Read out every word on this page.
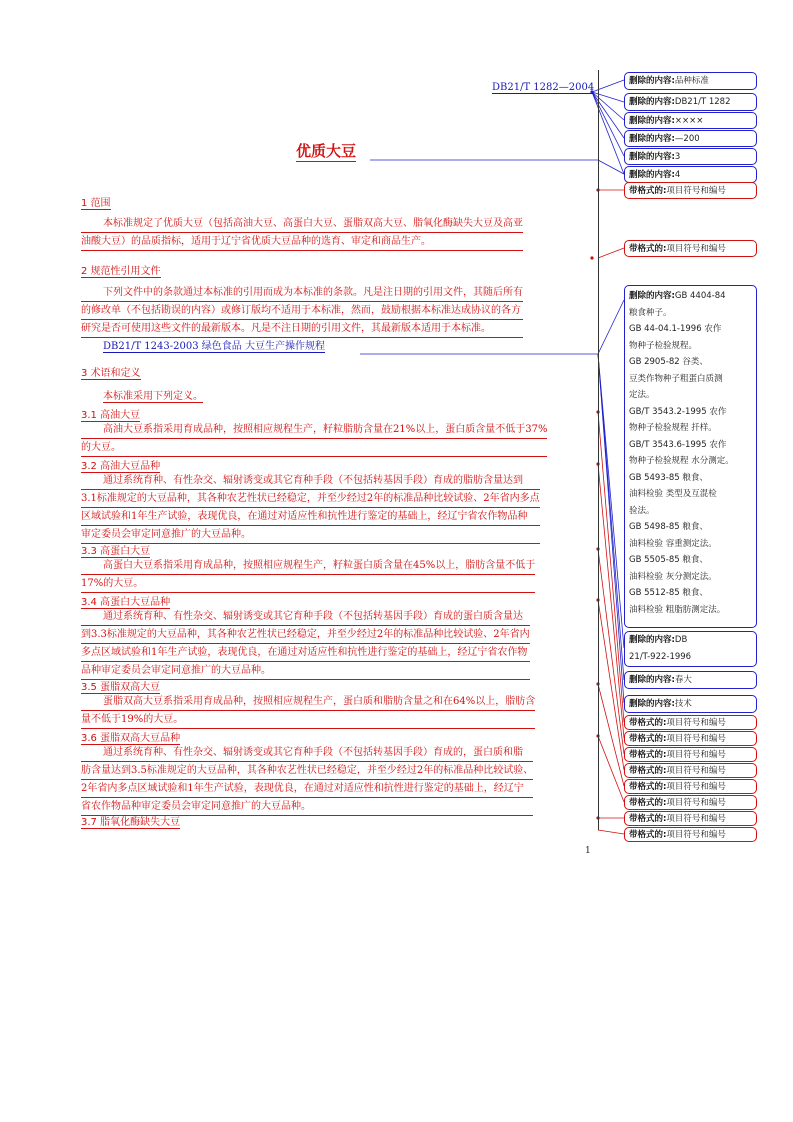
DB21/T 1282—2004
优质大豆
1 范围
本标准规定了优质大豆（包括高油大豆、高蛋白大豆、蛋脂双高大豆、脂氧化酶缺失大豆及高亚
油酸大豆）的品质指标，适用于辽宁省优质大豆品种的选育、审定和商品生产。
2 规范性引用文件
下列文件中的条款通过本标准的引用而成为本标准的条款。凡是注日期的引用文件，其随后所有
的修改单（不包括勘误的内容）或修订版均不适用于本标准，然而，鼓励根据本标准达成协议的各方
研究是否可使用这些文件的最新版本。凡是不注日期的引用文件，其最新版本适用于本标准。
DB21/T 1243-2003 绿色食品 大豆生产操作规程
3 术语和定义
本标准采用下列定义。
3.1 高油大豆
高油大豆系指采用育成品种，按照相应规程生产，籽粒脂肪含量在21%以上，蛋白质含量不低于37%
的大豆。
3.2 高油大豆品种
通过系统育种、有性杂交、辐射诱变或其它育种手段（不包括转基因手段）育成的脂肪含量达到
3.1标准规定的大豆品种，其各种农艺性状已经稳定，并至少经过2年的标准品种比较试验、2年省内多点
区域试验和1年生产试验，表现优良，在通过对适应性和抗性进行鉴定的基础上，经辽宁省农作物品种
审定委员会审定同意推广的大豆品种。
3.3 高蛋白大豆
高蛋白大豆系指采用育成品种，按照相应规程生产，籽粒蛋白质含量在45%以上，脂肪含量不低于
17%的大豆。
3.4 高蛋白大豆品种
通过系统育种、有性杂交、辐射诱变或其它育种手段（不包括转基因手段）育成的蛋白质含量达
到3.3标准规定的大豆品种，其各种农艺性状已经稳定，并至少经过2年的标准品种比较试验、2年省内
多点区域试验和1年生产试验，表现优良，在通过对适应性和抗性进行鉴定的基础上，经辽宁省农作物
品种审定委员会审定同意推广的大豆品种。
3.5 蛋脂双高大豆
蛋脂双高大豆系指采用育成品种，按照相应规程生产，蛋白质和脂肪含量之和在64%以上，脂肪含
量不低于19%的大豆。
3.6 蛋脂双高大豆品种
通过系统育种、有性杂交、辐射诱变或其它育种手段（不包括转基因手段）育成的，蛋白质和脂
肪含量达到3.5标准规定的大豆品种，其各种农艺性状已经稳定，并至少经过2年的标准品种比较试验、
2年省内多点区域试验和1年生产试验，表现优良，在通过对适应性和抗性进行鉴定的基础上，经辽宁
省农作物品种审定委员会审定同意推广的大豆品种。
3.7 脂氧化酶缺失大豆
1
删除的内容:品种标准
删除的内容:DB21/T 1282
删除的内容:××××
删除的内容:—200
删除的内容:3
删除的内容:4
带格式的:项目符号和编号
带格式的:项目符号和编号
删除的内容:GB 4404-84
粮食种子。
GB 44-04.1-1996 农作
物种子检验规程。
GB 2905-82 谷类、
豆类作物种子粗蛋白质测
定法。
GB/T 3543.2-1995 农作
物种子检验规程 扦样。
GB/T 3543.6-1995 农作
物种子检验规程 水分测定。
GB 5493-85 粮食、
油料检验 类型及互混检
验法。
GB 5498-85 粮食、
油料检验 容重测定法。
GB 5505-85 粮食、
油料检验 灰分测定法。
GB 5512-85 粮食、
油料检验 粗脂肪测定法。
删除的内容:DB
21/T-922-1996
删除的内容:春大
删除的内容:技术
带格式的:项目符号和编号
带格式的:项目符号和编号
带格式的:项目符号和编号
带格式的:项目符号和编号
带格式的:项目符号和编号
带格式的:项目符号和编号
带格式的:项目符号和编号
带格式的:项目符号和编号
